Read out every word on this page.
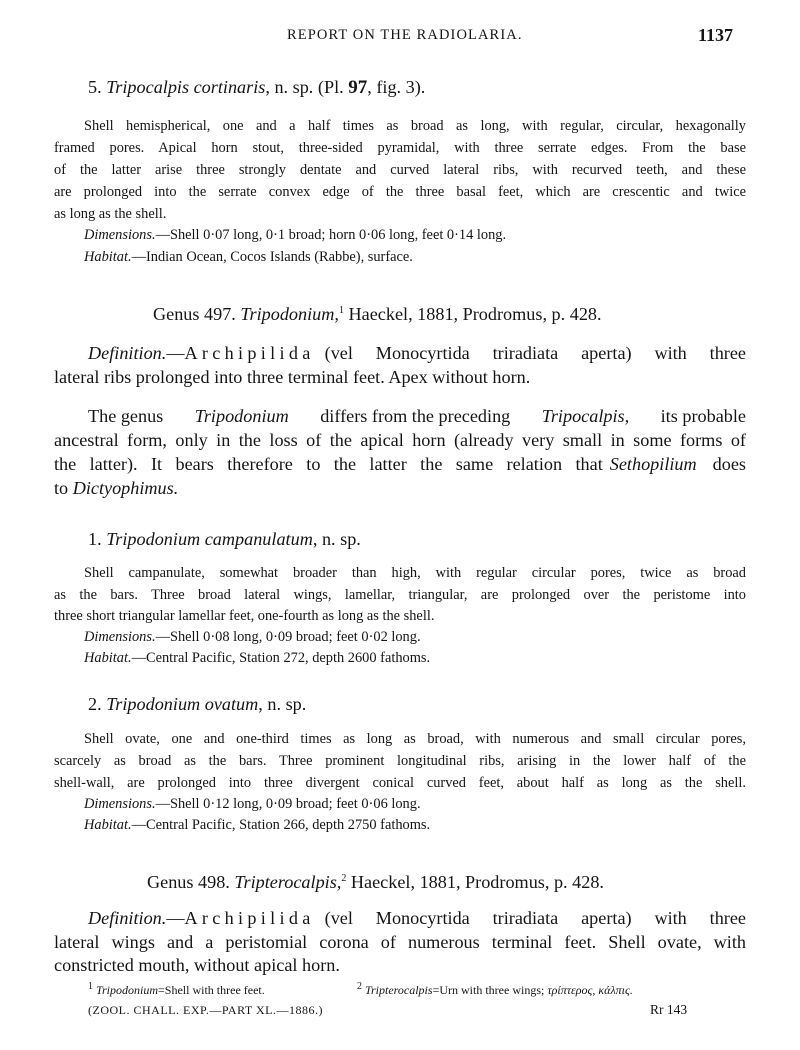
REPORT ON THE RADIOLARIA.	1137
5. Tripocalpis cortinaris, n. sp. (Pl. 97, fig. 3).
Shell hemispherical, one and a half times as broad as long, with regular, circular, hexagonally
framed pores. Apical horn stout, three-sided pyramidal, with three serrate edges. From the base
of the latter arise three strongly dentate and curved lateral ribs, with recurved teeth, and these
are prolonged into the serrate convex edge of the three basal feet, which are crescentic and twice
as long as the shell.
Dimensions.—Shell 0·07 long, 0·1 broad; horn 0·06 long, feet 0·14 long.
Habitat.—Indian Ocean, Cocos Islands (Rabbe), surface.
Genus 497. Tripodonium,$^1$ Haeckel, 1881, Prodromus, p. 428.
Definition.—Archipilida (vel Monocyrtida triradiata aperta) with three
lateral ribs prolonged into three terminal feet. Apex without horn.
The genus Tripodonium differs from the preceding Tripocalpis, its probable
ancestral form, only in the loss of the apical horn (already very small in some forms of
the latter). It bears therefore to the latter the same relation that Sethopilium does
to Dictyophimus.
1. Tripodonium campanulatum, n. sp.
Shell campanulate, somewhat broader than high, with regular circular pores, twice as broad
as the bars. Three broad lateral wings, lamellar, triangular, are prolonged over the peristome into
three short triangular lamellar feet, one-fourth as long as the shell.
Dimensions.—Shell 0·08 long, 0·09 broad; feet 0·02 long.
Habitat.—Central Pacific, Station 272, depth 2600 fathoms.
2. Tripodonium ovatum, n. sp.
Shell ovate, one and one-third times as long as broad, with numerous and small circular pores,
scarcely as broad as the bars. Three prominent longitudinal ribs, arising in the lower half of the
shell-wall, are prolonged into three divergent conical curved feet, about half as long as the shell.
Dimensions.—Shell 0·12 long, 0·09 broad; feet 0·06 long.
Habitat.—Central Pacific, Station 266, depth 2750 fathoms.
Genus 498. Tripterocalpis,$^2$ Haeckel, 1881, Prodromus, p. 428.
Definition.—Archipilida (vel Monocyrtida triradiata aperta) with three
lateral wings and a peristomial corona of numerous terminal feet. Shell ovate, with
constricted mouth, without apical horn.
$^1$ Tripodonium=Shell with three feet.	$^2$ Tripterocalpis=Urn with three wings; τρίπτερος, κάλπις.
(ZOOL. CHALL. EXP.—PART XL.—1886.)	Rr 143
